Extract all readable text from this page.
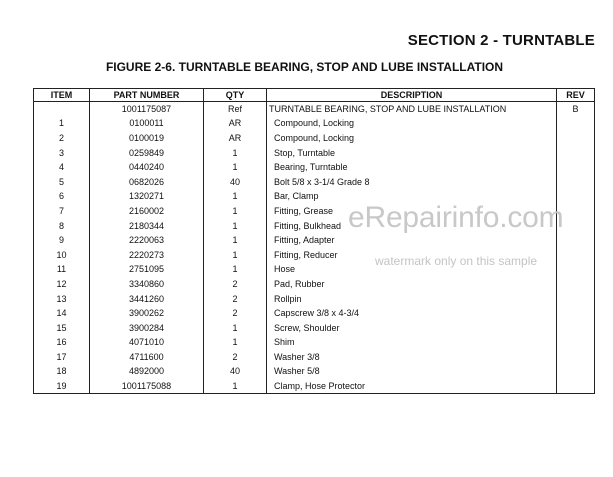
SECTION 2 - TURNTABLE
FIGURE 2-6. TURNTABLE BEARING, STOP AND LUBE INSTALLATION
ITEM	PART NUMBER	QTY	DESCRIPTION	REV
	1001175087	Ref	TURNTABLE BEARING, STOP AND LUBE INSTALLATION	B
1	0100011	AR	Compound, Locking	
2	0100019	AR	Compound, Locking	
3	0259849	1	Stop, Turntable	
4	0440240	1	Bearing, Turntable	
5	0682026	40	Bolt 5/8 x 3-1/4 Grade 8	
6	1320271	1	Bar, Clamp	
7	2160002	1	Fitting, Grease	
8	2180344	1	Fitting, Bulkhead	
9	2220063	1	Fitting, Adapter	
10	2220273	1	Fitting, Reducer	
11	2751095	1	Hose	
12	3340860	2	Pad, Rubber	
13	3441260	2	Rollpin	
14	3900262	2	Capscrew 3/8 x 4-3/4	
15	3900284	1	Screw, Shoulder	
16	4071010	1	Shim	
17	4711600	2	Washer 3/8	
18	4892000	40	Washer 5/8	
19	1001175088	1	Clamp, Hose Protector	
eRepairinfo.com
watermark only on this sample
